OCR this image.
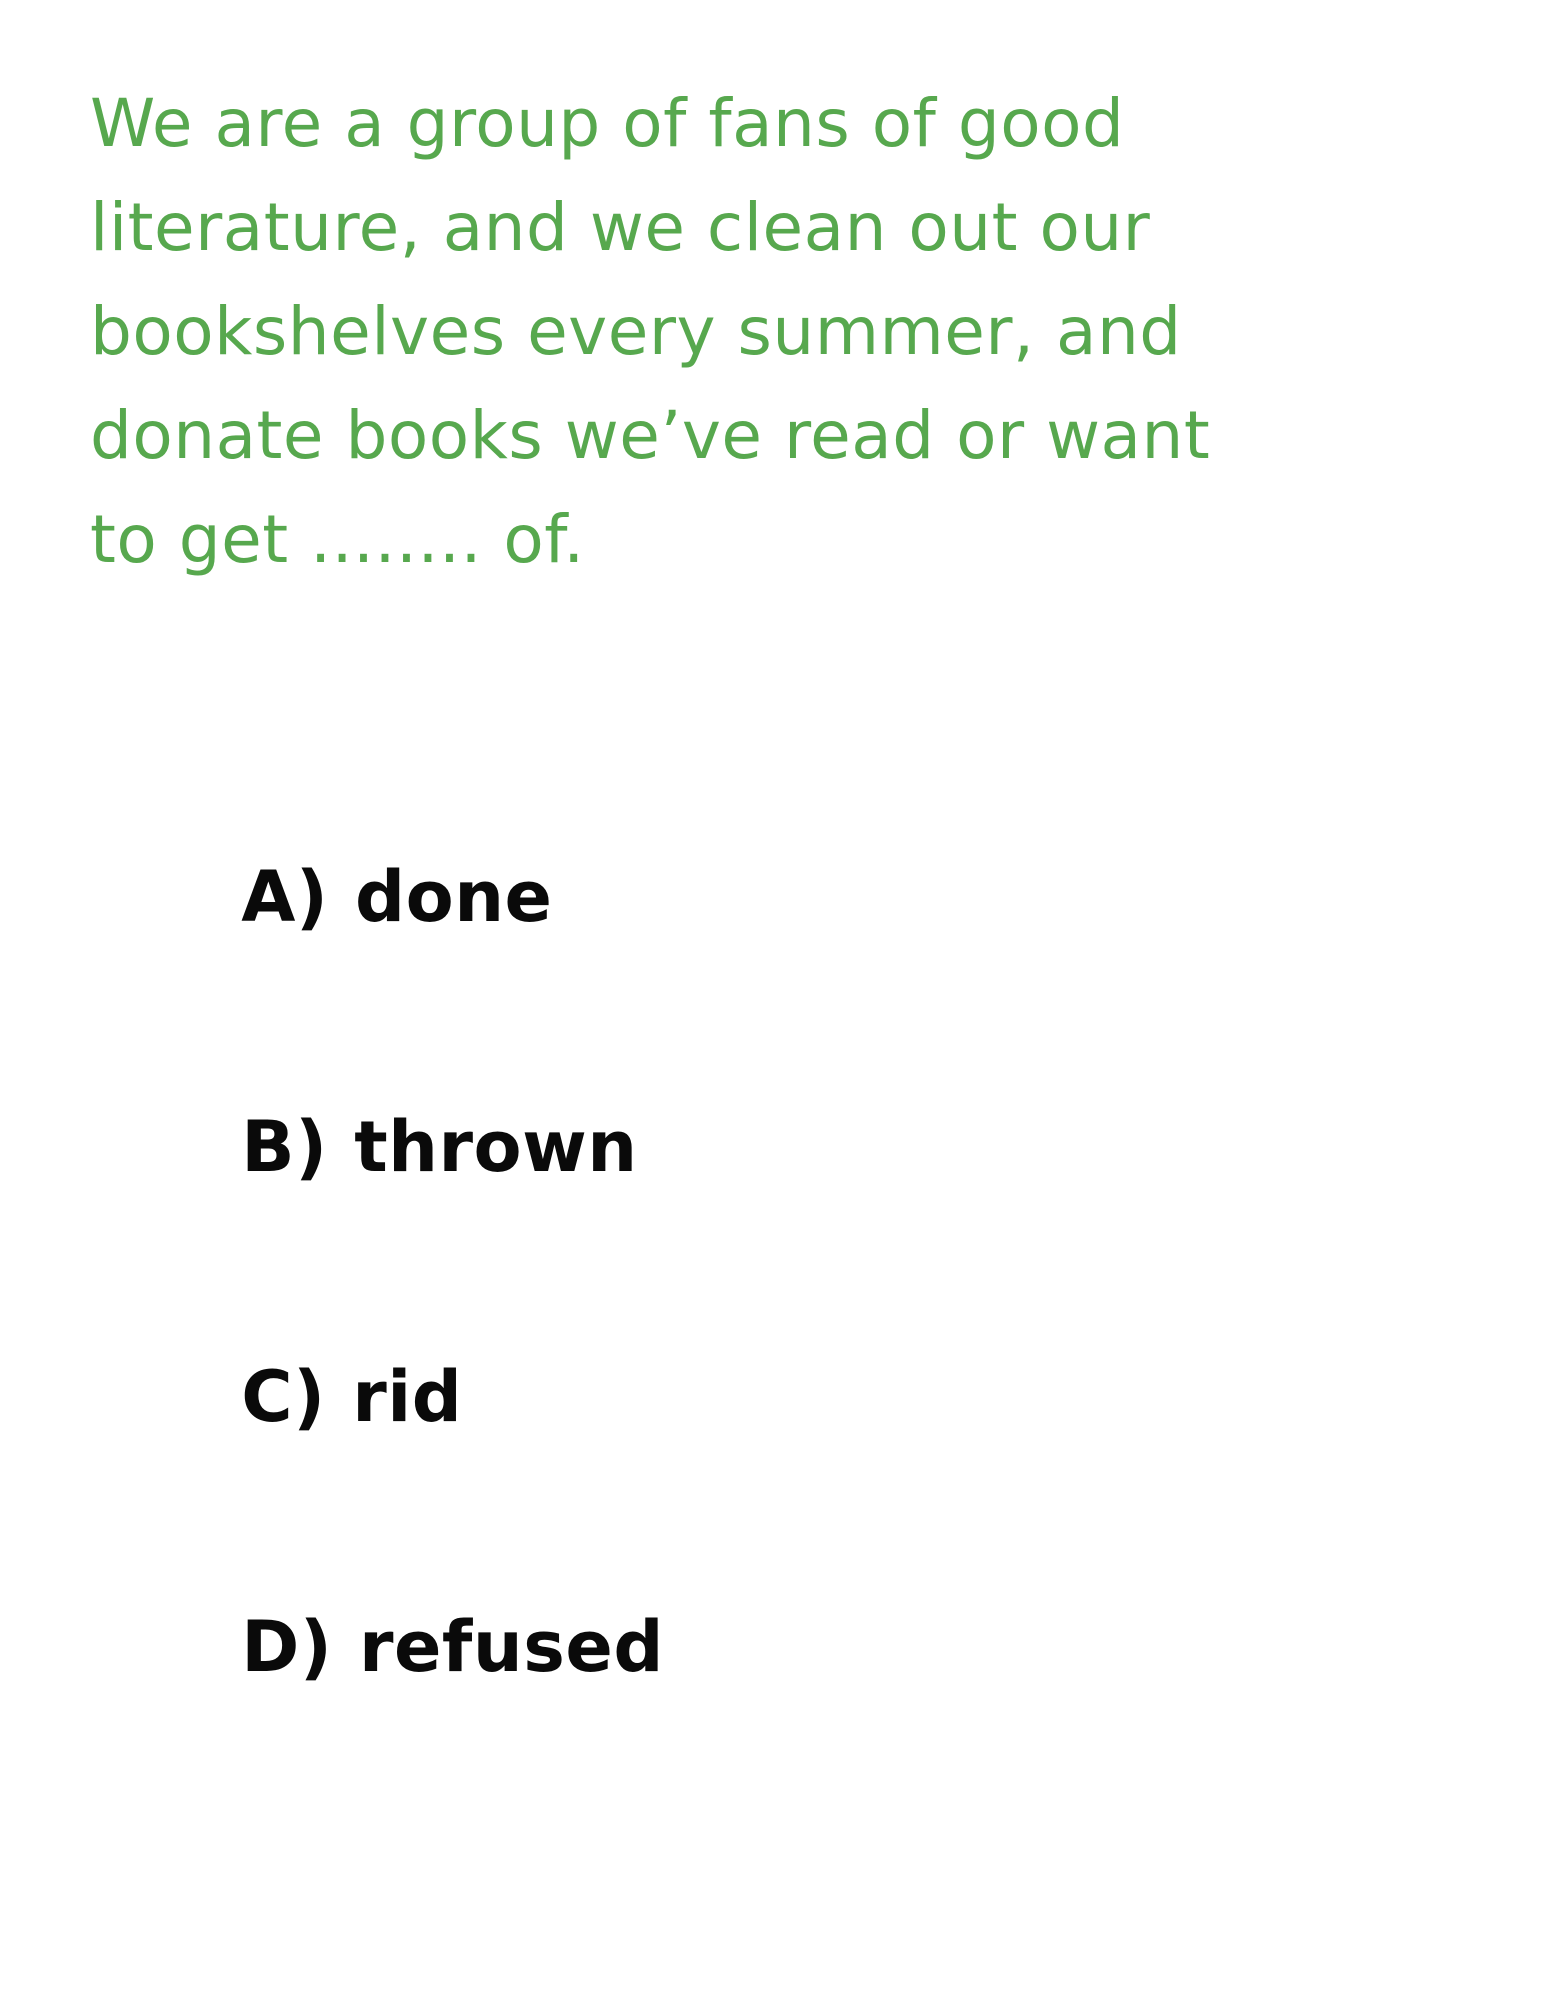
We are a group of fans of good
literature, and we clean out our
bookshelves every summer, and
donate books we’ve read or want
to get ........ of.

A) done

B) thrown

C) rid

D) refused
